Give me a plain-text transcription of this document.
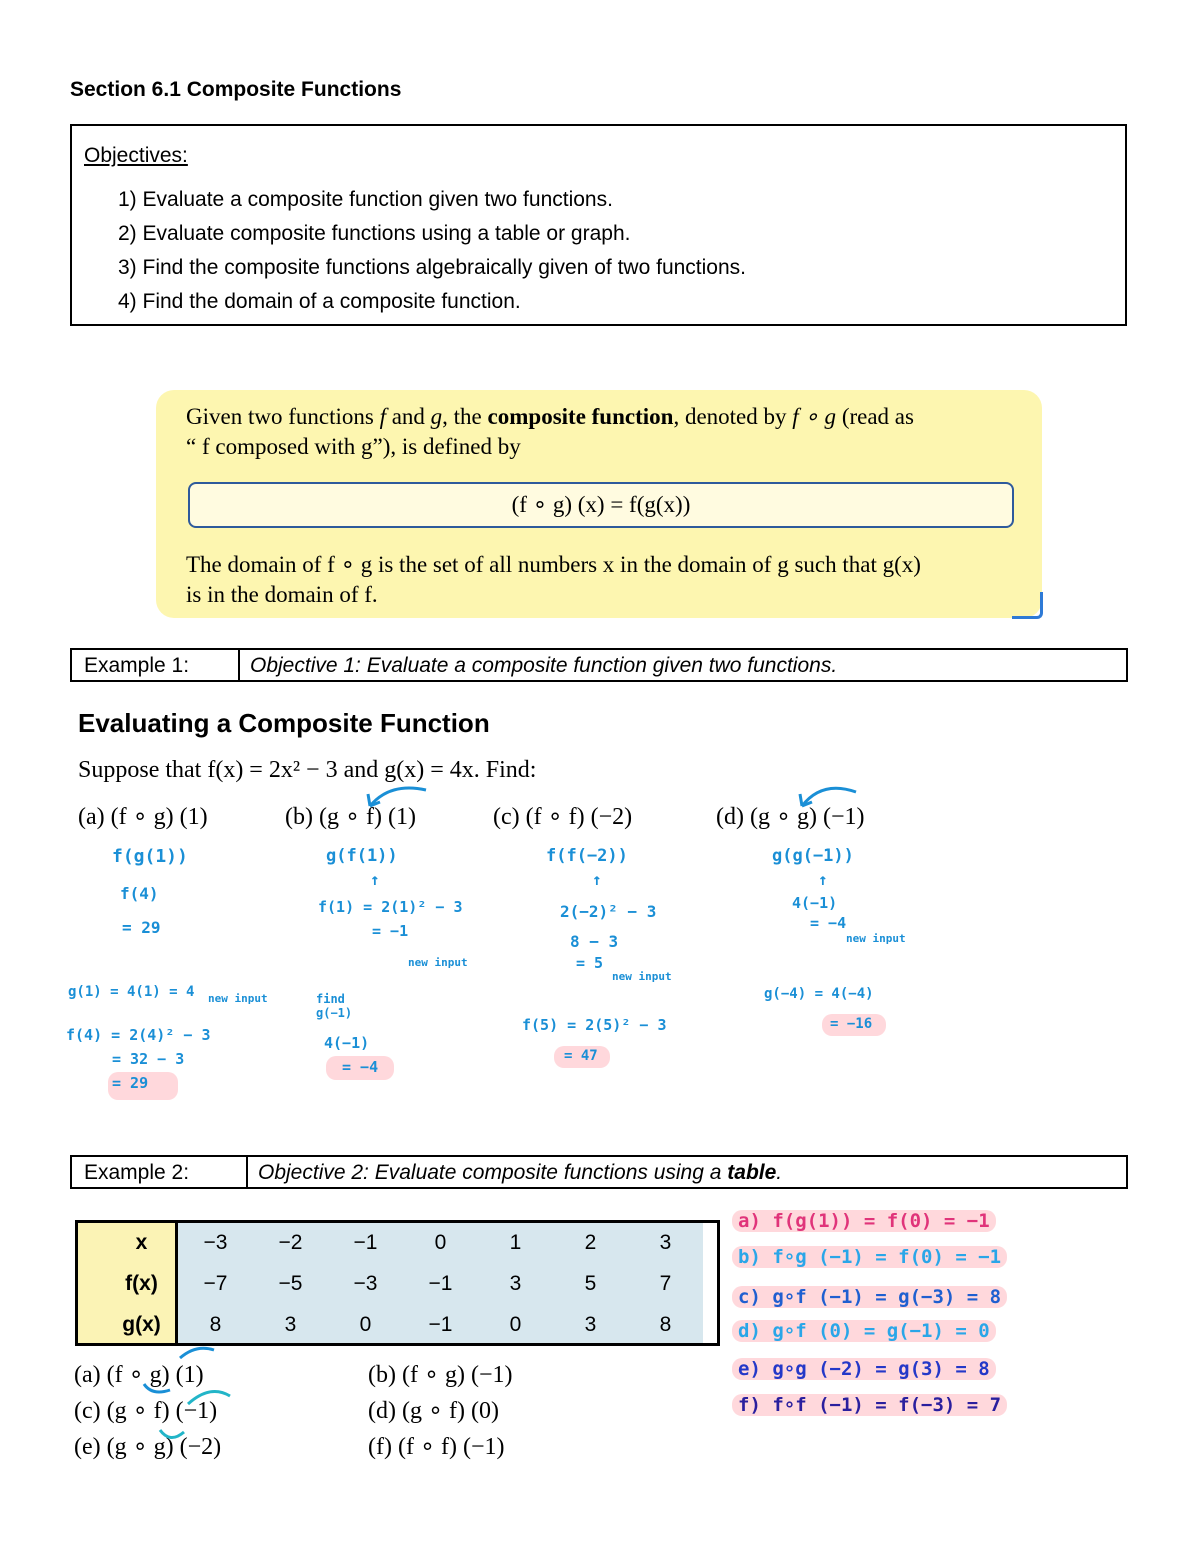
Section 6.1 Composite Functions
Objectives:
1) Evaluate a composite function given two functions.
2) Evaluate composite functions using a table or graph.
3) Find the composite functions algebraically given of two functions.
4) Find the domain of a composite function.
Given two functions f and g, the composite function, denoted by f ∘ g (read as
“ f composed with g”), is defined by
(f ∘ g) (x) = f(g(x))
The domain of f ∘ g is the set of all numbers x in the domain of g such that g(x)
is in the domain of f.
Example 1:	Objective 1: Evaluate a composite function given two functions.
Evaluating a Composite Function
Suppose that f(x) = 2x² − 3 and g(x) = 4x. Find:
(a) (f ∘ g) (1)	(b) (g ∘ f) (1)	(c) (f ∘ f) (−2)	(d) (g ∘ g) (−1)
f(g(1))
f(4)
= 29
g(1) = 4(1) = 4 new input
f(4) = 2(4)² − 3
= 32 − 3
= 29
g(f(1))
↑
f(1) = 2(1)² − 3
= −1
new input
find g(−1)
4(−1)
= −4
f(f(−2))
↑
2(−2)² − 3
8 − 3
= 5
new input
f(5) = 2(5)² − 3
= 47
g(g(−1))
↑
4(−1)
= −4
new input
g(−4) = 4(−4)
= −16
Example 2:	Objective 2: Evaluate composite functions using a table.
x	−3	−2	−1	0	1	2	3
f(x)	−7	−5	−3	−1	3	5	7
g(x)	8	3	0	−1	0	3	8
(a) (f ∘ g) (1)	(b) (f ∘ g) (−1)
(c) (g ∘ f) (−1)	(d) (g ∘ f) (0)
(e) (g ∘ g) (−2)	(f) (f ∘ f) (−1)
a) f(g(1)) = f(0) = −1
b) f∘g (−1) = f(0) = −1
c) g∘f (−1) = g(−3) = 8
d) g∘f (0) = g(−1) = 0
e) g∘g (−2) = g(3) = 8
f) f∘f (−1) = f(−3) = 7
